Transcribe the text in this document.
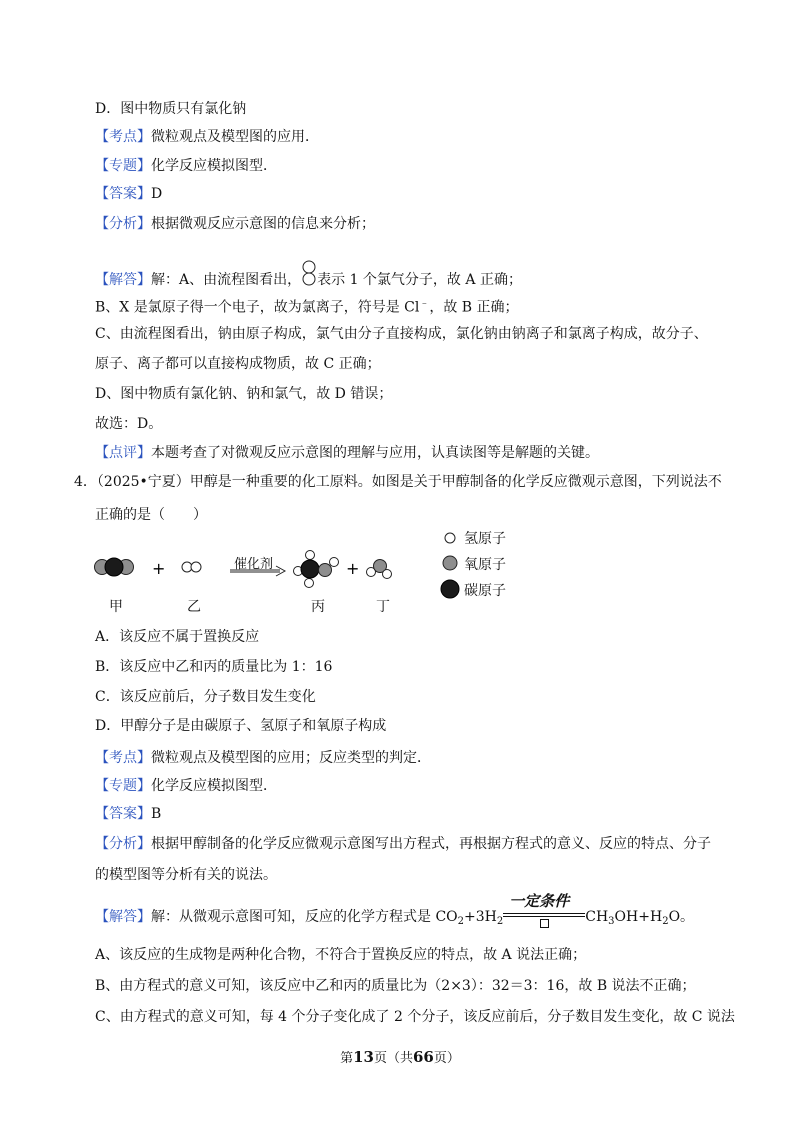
D．图中物质只有氯化钠
【考点】微粒观点及模型图的应用．
【专题】化学反应模拟图型．
【答案】D
【分析】根据微观反应示意图的信息来分析；
【解答】解：A、由流程图看出， 表示 1 个氯气分子，故 A 正确；
B、X 是氯原子得一个电子，故为氯离子，符号是 Cl﹣，故 B 正确；
C、由流程图看出，钠由原子构成，氯气由分子直接构成，氯化钠由钠离子和氯离子构成，故分子、
原子、离子都可以直接构成物质，故 C 正确；
D、图中物质有氯化钠、钠和氯气，故 D 错误；
故选：D。
【点评】本题考查了对微观反应示意图的理解与应用，认真读图等是解题的关键。
4．（2025•宁夏）甲醇是一种重要的化工原料。如图是关于甲醇制备的化学反应微观示意图，下列说法不
正确的是（　　）
+	+
催化剂
甲	乙	丙	丁
氢原子
氧原子
碳原子
A．该反应不属于置换反应
B．该反应中乙和丙的质量比为 1：16
C．该反应前后，分子数目发生变化
D．甲醇分子是由碳原子、氢原子和氧原子构成
【考点】微粒观点及模型图的应用；反应类型的判定．
【专题】化学反应模拟图型．
【答案】B
【分析】根据甲醇制备的化学反应微观示意图写出方程式，再根据方程式的意义、反应的特点、分子
的模型图等分析有关的说法。
【解答】解：从微观示意图可知，反应的化学方程式是 $CO_2+3H_2$
一定条件
$CH_3OH+H_2O$。
A、该反应的生成物是两种化合物，不符合于置换反应的特点，故 A 说法正确；
B、由方程式的意义可知，该反应中乙和丙的质量比为（2×3）：32＝3：16，故 B 说法不正确；
C、由方程式的意义可知，每 4 个分子变化成了 2 个分子，该反应前后，分子数目发生变化，故 C 说法
第13页（共66页）
